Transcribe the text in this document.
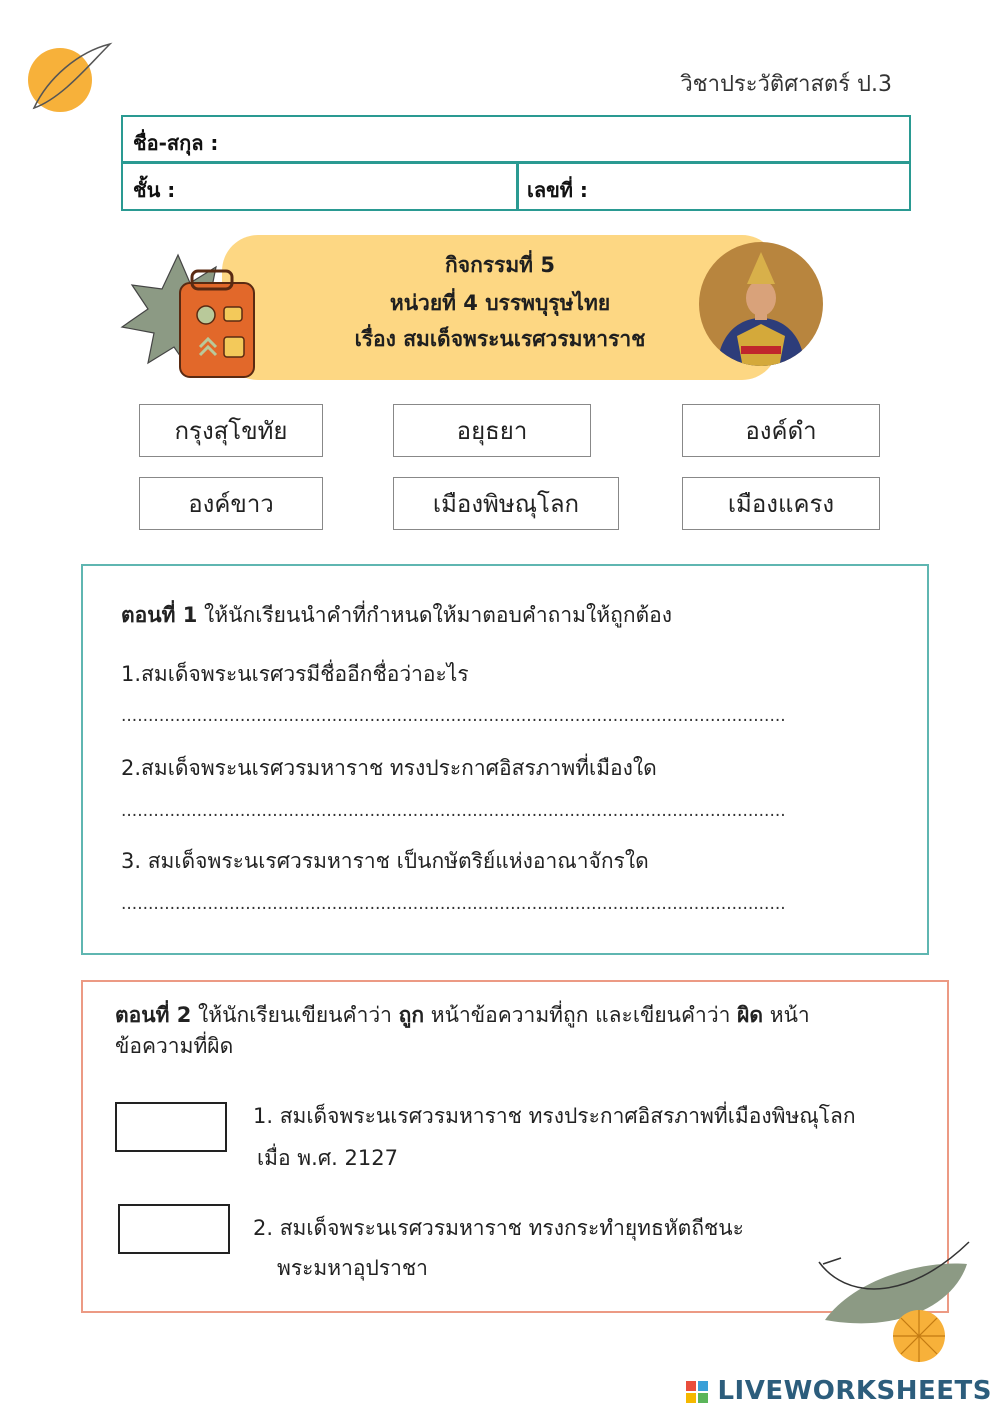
วิชาประวัติศาสตร์ ป.3
ชื่อ-สกุล :
ชั้น :	เลขที่ :
กิจกรรมที่ 5
หน่วยที่ 4 บรรพบุรุษไทย
เรื่อง สมเด็จพระนเรศวรมหาราช
กรุงสุโขทัย	อยุธยา	องค์ดำ
องค์ขาว	เมืองพิษณุโลก	เมืองแครง
ตอนที่ 1 ให้นักเรียนนำคำที่กำหนดให้มาตอบคำถามให้ถูกต้อง
1.สมเด็จพระนเรศวรมีชื่ออีกชื่อว่าอะไร
...........................................................................................................................
2.สมเด็จพระนเรศวรมหาราช ทรงประกาศอิสรภาพที่เมืองใด
...........................................................................................................................
3. สมเด็จพระนเรศวรมหาราช เป็นกษัตริย์แห่งอาณาจักรใด
...........................................................................................................................
ตอนที่ 2 ให้นักเรียนเขียนคำว่า ถูก หน้าข้อความที่ถูก และเขียนคำว่า ผิด หน้า
ข้อความที่ผิด
1. สมเด็จพระนเรศวรมหาราช ทรงประกาศอิสรภาพที่เมืองพิษณุโลก
เมื่อ พ.ศ. 2127
2. สมเด็จพระนเรศวรมหาราช ทรงกระทำยุทธหัตถีชนะ
พระมหาอุปราชา
LIVEWORKSHEETS
